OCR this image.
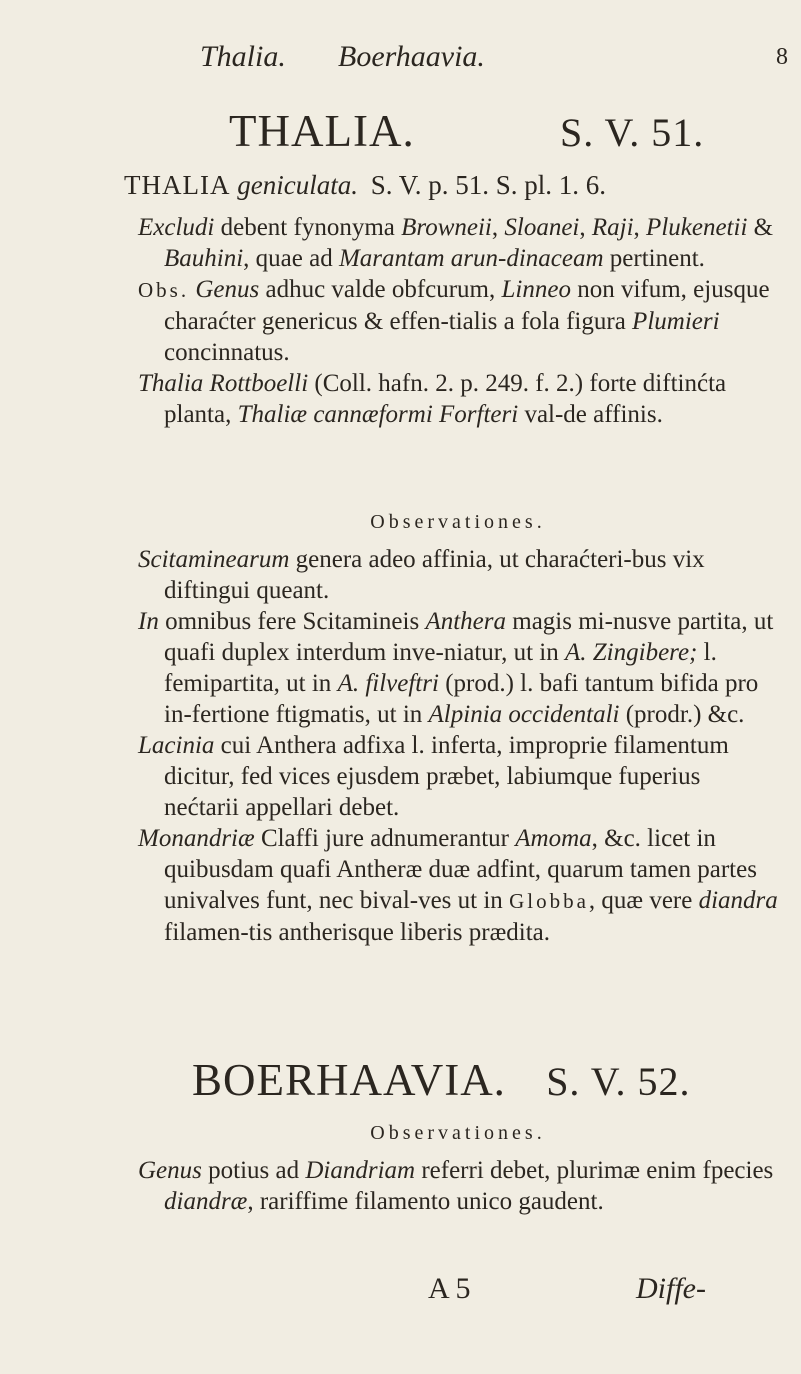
Thalia. Boerhaavia.	8
THALIA.	S. V. 51.
THALIA geniculata. S. V. p. 51. S. pl. 1. 6.

Excludi debent fynonyma Browneii, Sloanei, Raji, Plukenetii & Bauhini, quae ad Marantam arun-dinaceam pertinent.

Obs. Genus adhuc valde obfcurum, Linneo non vifum, ejusque charaćter genericus & effen-tialis a fola figura Plumieri concinnatus.

Thalia Rottboelli (Coll. hafn. 2. p. 249. f. 2.) forte diftinćta planta, Thaliæ cannæformi Forfteri val-de affinis.

Observationes.

Scitaminearum genera adeo affinia, ut charaćteri-bus vix diftingui queant.

In omnibus fere Scitamineis Anthera magis mi-nusve partita, ut quafi duplex interdum inve-niatur, ut in A. Zingibere; l. femipartita, ut in A. filveftri (prod.) l. bafi tantum bifida pro in-fertione ftigmatis, ut in Alpinia occidentali (prodr.) &c.

Lacinia cui Anthera adfixa l. inferta, improprie filamentum dicitur, fed vices ejusdem præbet, labiumque fuperius nećtarii appellari debet.

Monandriæ Claffi jure adnumerantur Amoma, &c. licet in quibusdam quafi Antheræ duæ adfint, quarum tamen partes univalves funt, nec bival-ves ut in Globba, quæ vere diandra filamen-tis antherisque liberis prædita.

BOERHAAVIA. S. V. 52.
Observationes.

Genus potius ad Diandriam referri debet, plurimæ enim fpecies diandræ, rariffime filamento unico gaudent.

A 5	Diffe-
